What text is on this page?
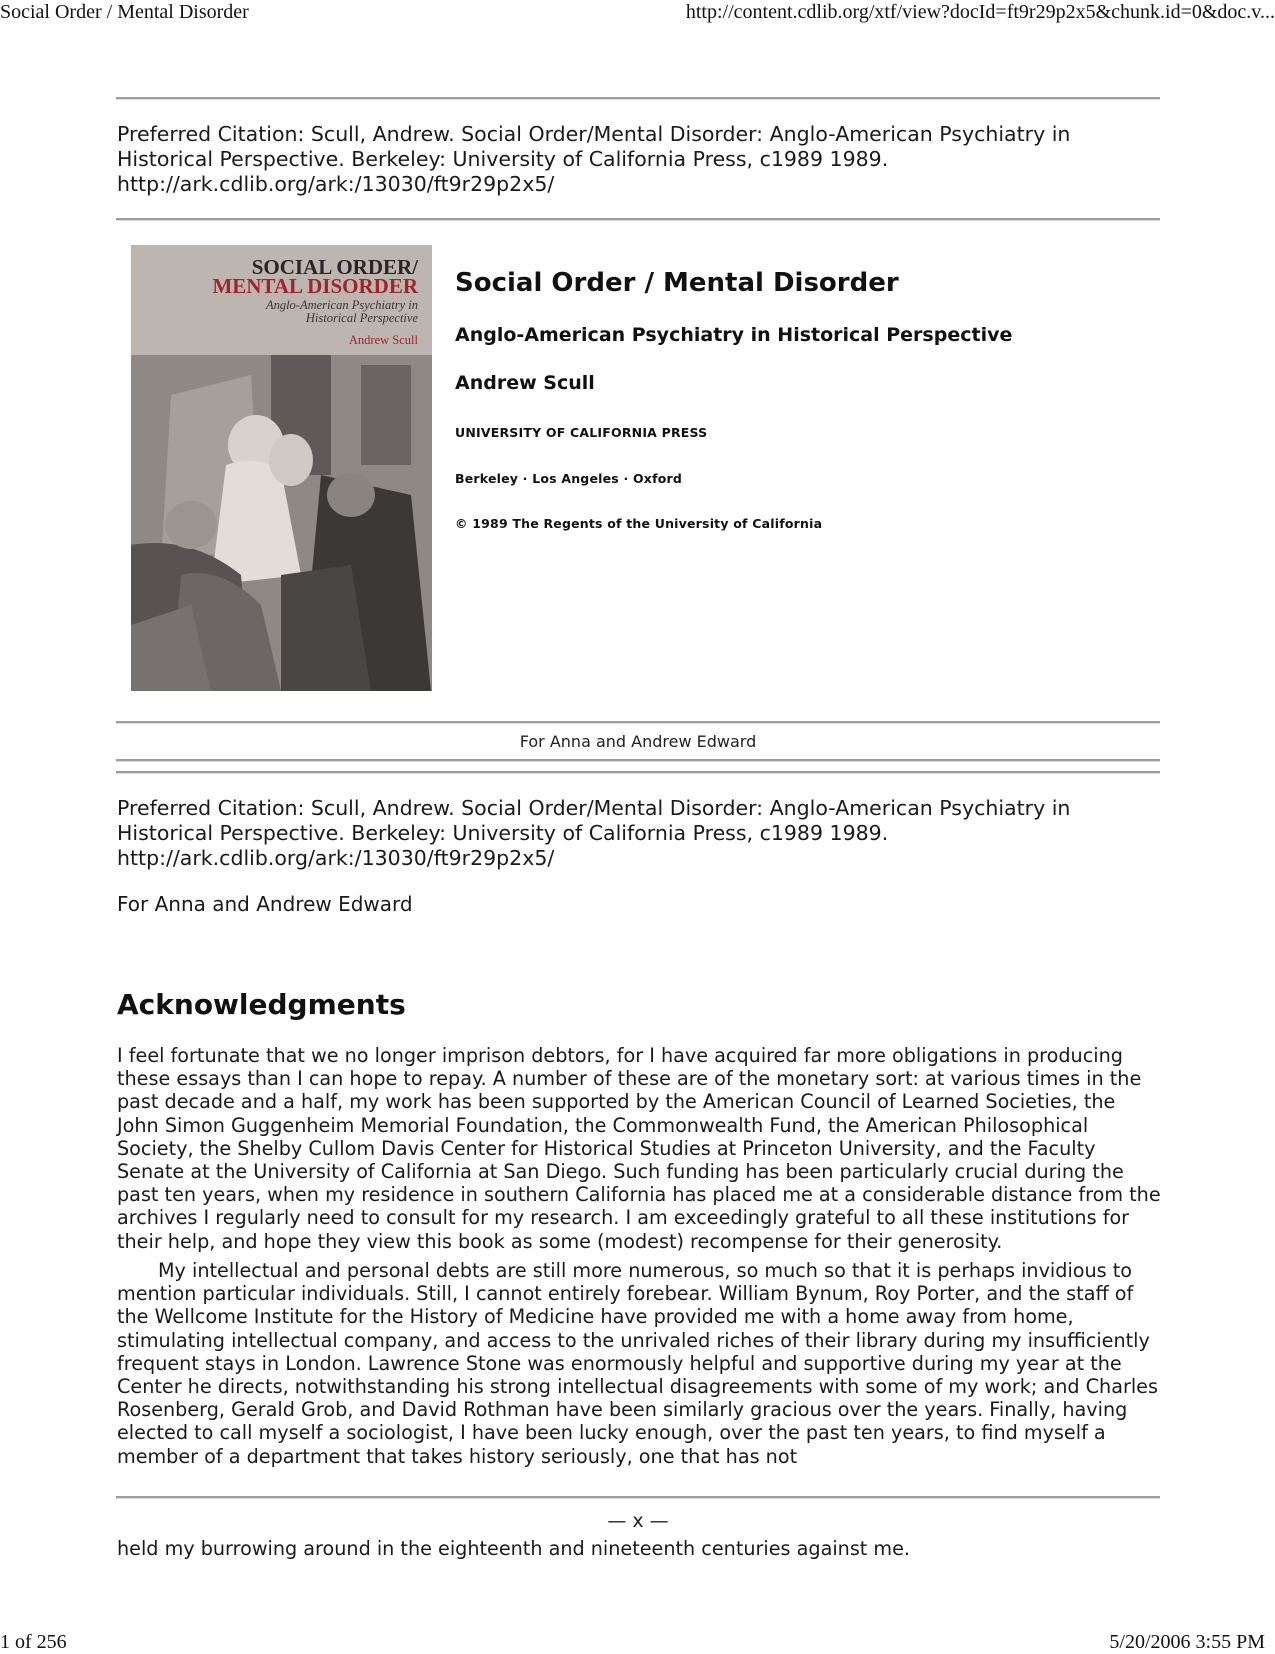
Social Order / Mental Disorder	http://content.cdlib.org/xtf/view?docId=ft9r29p2x5&chunk.id=0&doc.v...
Preferred Citation: Scull, Andrew. Social Order/Mental Disorder: Anglo-American Psychiatry in
Historical Perspective. Berkeley: University of California Press, c1989 1989.
http://ark.cdlib.org/ark:/13030/ft9r29p2x5/
SOCIAL ORDER/
MENTAL DISORDER
Anglo-American Psychiatry in Historical Perspective
Andrew Scull
Social Order / Mental Disorder
Anglo-American Psychiatry in Historical Perspective
Andrew Scull
UNIVERSITY OF CALIFORNIA PRESS
Berkeley · Los Angeles · Oxford
© 1989 The Regents of the University of California
For Anna and Andrew Edward
Preferred Citation: Scull, Andrew. Social Order/Mental Disorder: Anglo-American Psychiatry in
Historical Perspective. Berkeley: University of California Press, c1989 1989.
http://ark.cdlib.org/ark:/13030/ft9r29p2x5/
For Anna and Andrew Edward
Acknowledgments
I feel fortunate that we no longer imprison debtors, for I have acquired far more obligations in producing
these essays than I can hope to repay. A number of these are of the monetary sort: at various times in the
past decade and a half, my work has been supported by the American Council of Learned Societies, the
John Simon Guggenheim Memorial Foundation, the Commonwealth Fund, the American Philosophical
Society, the Shelby Cullom Davis Center for Historical Studies at Princeton University, and the Faculty
Senate at the University of California at San Diego. Such funding has been particularly crucial during the
past ten years, when my residence in southern California has placed me at a considerable distance from the
archives I regularly need to consult for my research. I am exceedingly grateful to all these institutions for
their help, and hope they view this book as some (modest) recompense for their generosity.
My intellectual and personal debts are still more numerous, so much so that it is perhaps invidious to
mention particular individuals. Still, I cannot entirely forebear. William Bynum, Roy Porter, and the staff of
the Wellcome Institute for the History of Medicine have provided me with a home away from home,
stimulating intellectual company, and access to the unrivaled riches of their library during my insufficiently
frequent stays in London. Lawrence Stone was enormously helpful and supportive during my year at the
Center he directs, notwithstanding his strong intellectual disagreements with some of my work; and Charles
Rosenberg, Gerald Grob, and David Rothman have been similarly gracious over the years. Finally, having
elected to call myself a sociologist, I have been lucky enough, over the past ten years, to find myself a
member of a department that takes history seriously, one that has not
— x —
held my burrowing around in the eighteenth and nineteenth centuries against me.
1 of 256	5/20/2006 3:55 PM
